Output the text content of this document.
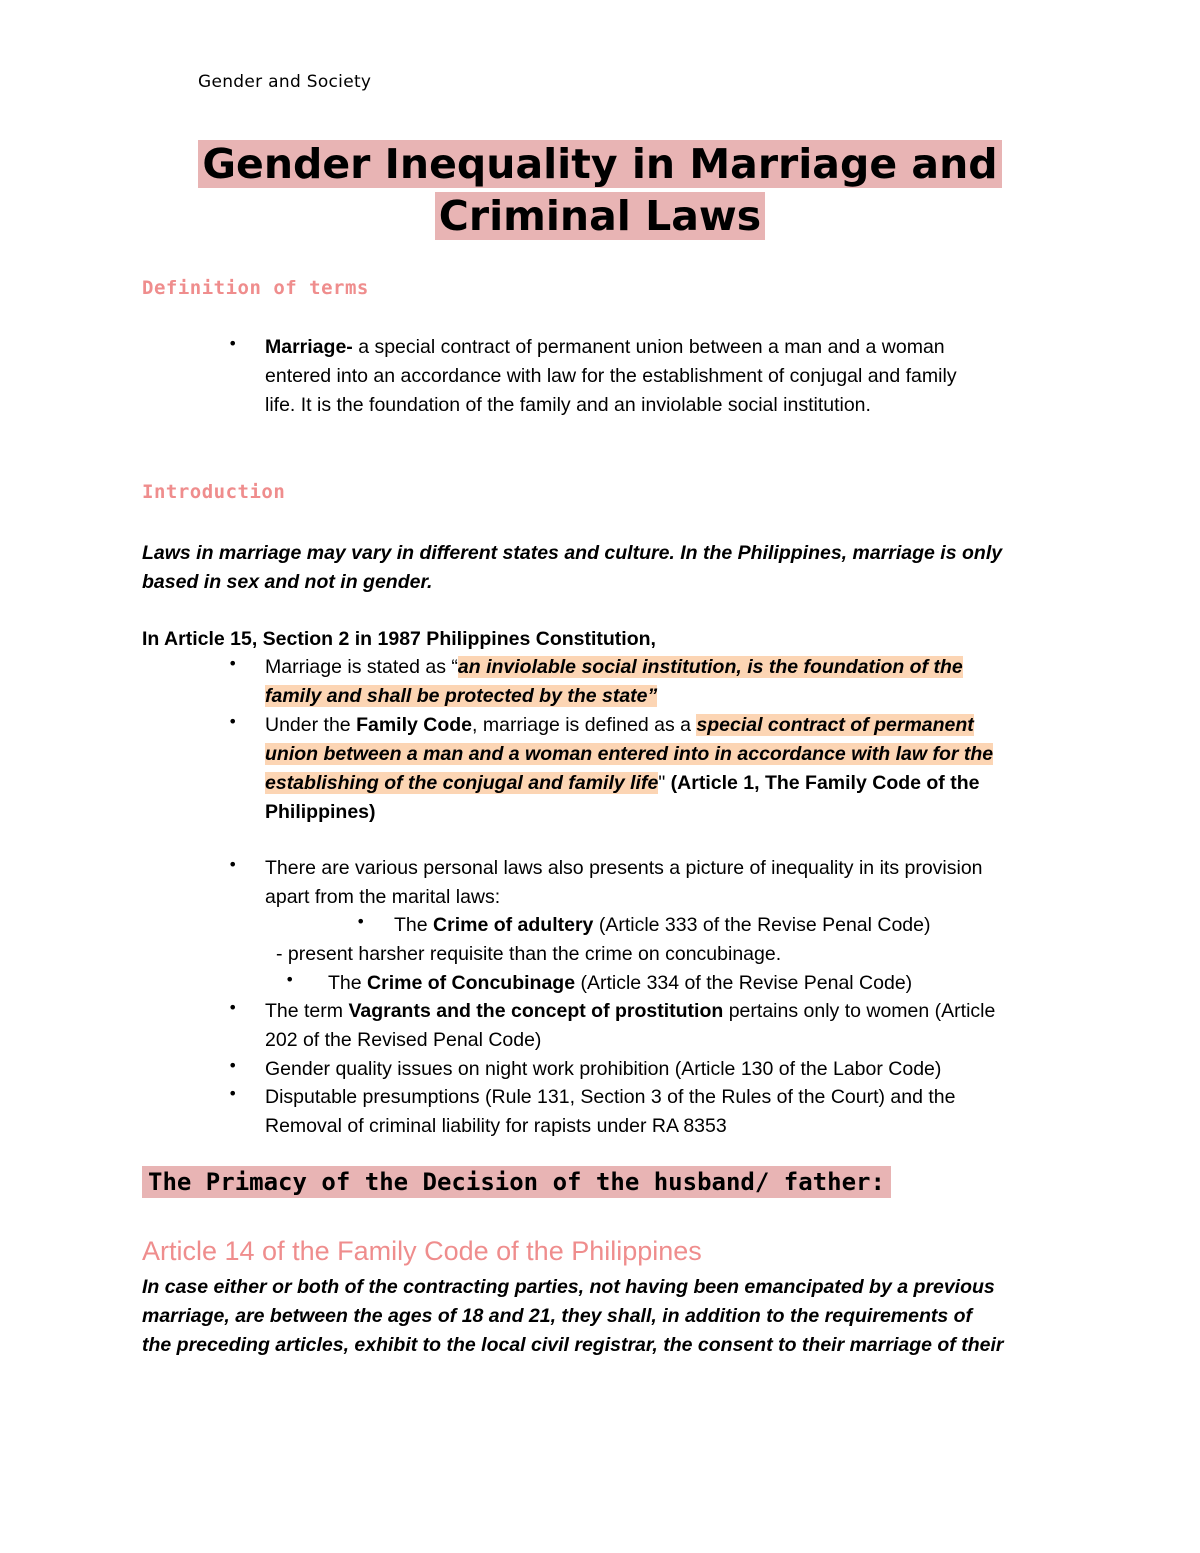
Gender and Society
Gender Inequality in Marriage and
Criminal Laws
Definition of terms
• Marriage- a special contract of permanent union between a man and a woman
entered into an accordance with law for the establishment of conjugal and family
life. It is the foundation of the family and an inviolable social institution.
Introduction
Laws in marriage may vary in different states and culture. In the Philippines, marriage is only
based in sex and not in gender.
In Article 15, Section 2 in 1987 Philippines Constitution,
• Marriage is stated as “an inviolable social institution, is the foundation of the
family and shall be protected by the state”
• Under the Family Code, marriage is defined as a special contract of permanent
union between a man and a woman entered into in accordance with law for the
establishing of the conjugal and family life" (Article 1, The Family Code of the
Philippines)
• There are various personal laws also presents a picture of inequality in its provision
apart from the marital laws:
• The Crime of adultery (Article 333 of the Revise Penal Code)
- present harsher requisite than the crime on concubinage.
• The Crime of Concubinage (Article 334 of the Revise Penal Code)
• The term Vagrants and the concept of prostitution pertains only to women (Article
202 of the Revised Penal Code)
• Gender quality issues on night work prohibition (Article 130 of the Labor Code)
• Disputable presumptions (Rule 131, Section 3 of the Rules of the Court) and the
Removal of criminal liability for rapists under RA 8353
The Primacy of the Decision of the husband/ father:
Article 14 of the Family Code of the Philippines
In case either or both of the contracting parties, not having been emancipated by a previous
marriage, are between the ages of 18 and 21, they shall, in addition to the requirements of
the preceding articles, exhibit to the local civil registrar, the consent to their marriage of their
